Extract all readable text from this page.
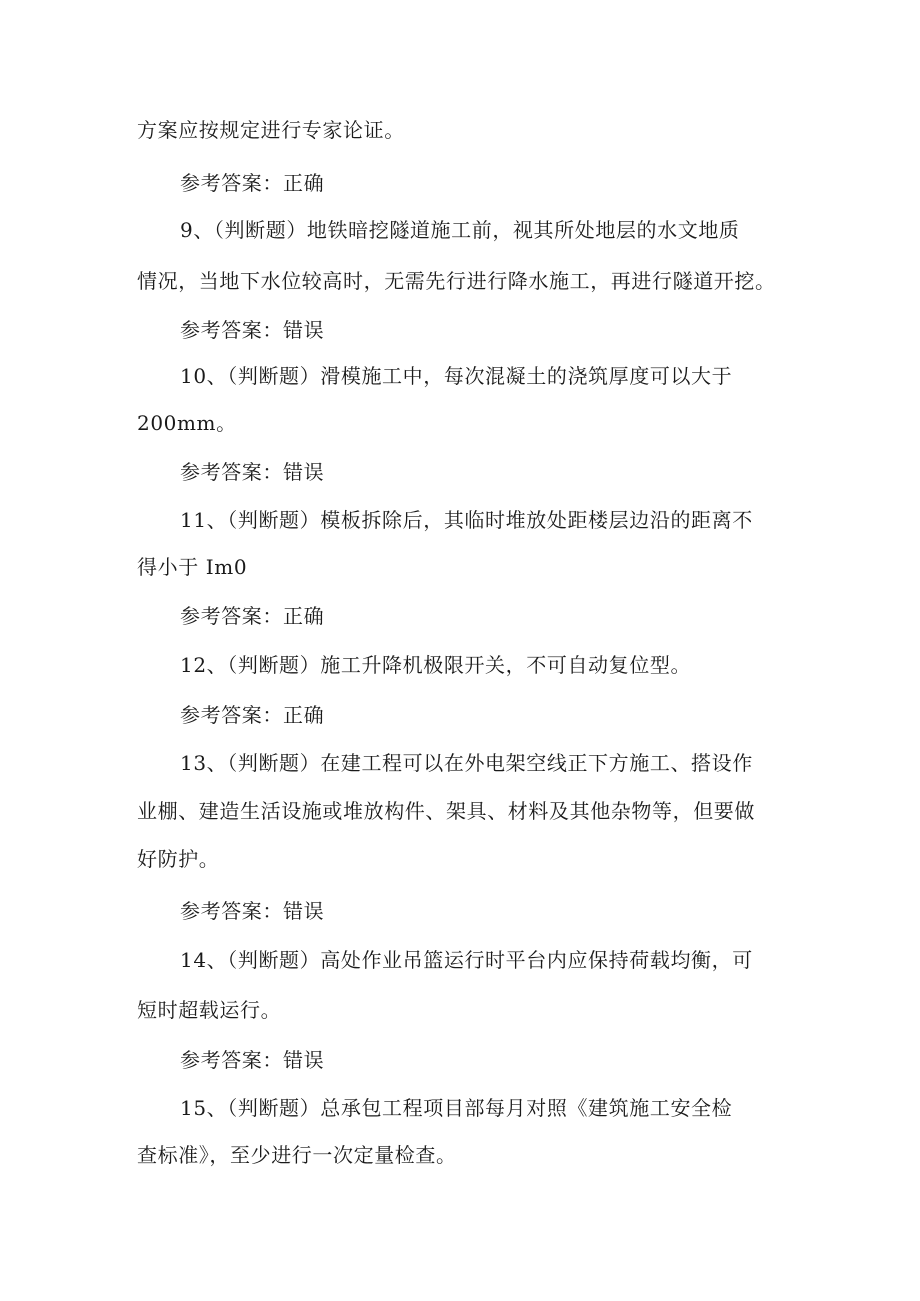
方案应按规定进行专家论证。
参考答案：正确
9、（判断题）地铁暗挖隧道施工前，视其所处地层的水文地质
情况，当地下水位较高时，无需先行进行降水施工，再进行隧道开挖。
参考答案：错误
10、（判断题）滑模施工中，每次混凝土的浇筑厚度可以大于
200mm。
参考答案：错误
11、（判断题）模板拆除后，其临时堆放处距楼层边沿的距离不
得小于 Im0
参考答案：正确
12、（判断题）施工升降机极限开关，不可自动复位型。
参考答案：正确
13、（判断题）在建工程可以在外电架空线正下方施工、搭设作
业棚、建造生活设施或堆放构件、架具、材料及其他杂物等，但要做
好防护。
参考答案：错误
14、（判断题）高处作业吊篮运行时平台内应保持荷载均衡，可
短时超载运行。
参考答案：错误
15、（判断题）总承包工程项目部每月对照《建筑施工安全检
查标准》，至少进行一次定量检查。
